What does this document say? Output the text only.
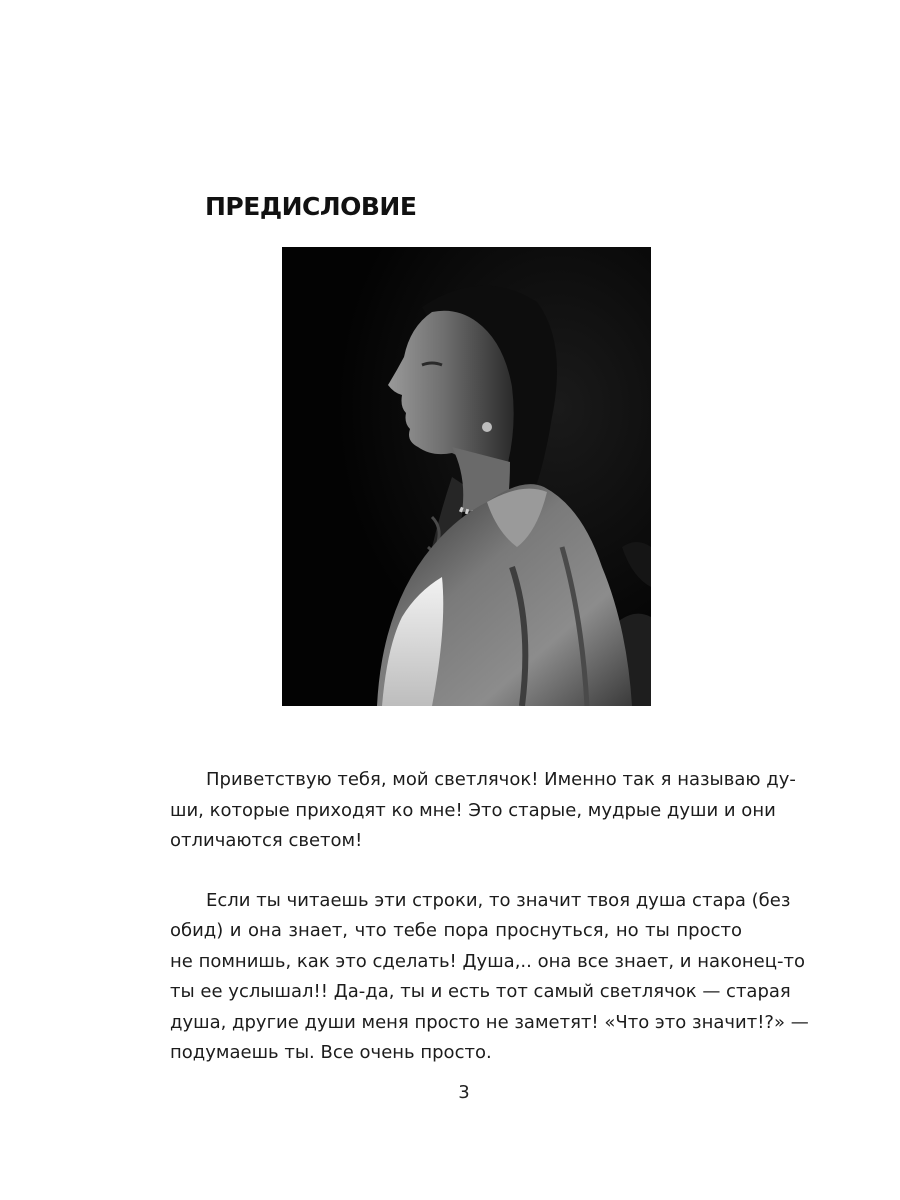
ПРЕДИСЛОВИЕ

Приветствую тебя, мой светлячок! Именно так я называю ду-
ши, которые приходят ко мне! Это старые, мудрые души и они
отличаются светом!

Если ты читаешь эти строки, то значит твоя душа стара (без
обид) и она знает, что тебе пора проснуться, но ты просто
не помнишь, как это сделать! Душа,.. она все знает, и наконец-то
ты ее услышал!! Да-да, ты и есть тот самый светлячок — старая
душа, другие души меня просто не заметят! «Что это значит!?» —
подумаешь ты. Все очень просто.

3
